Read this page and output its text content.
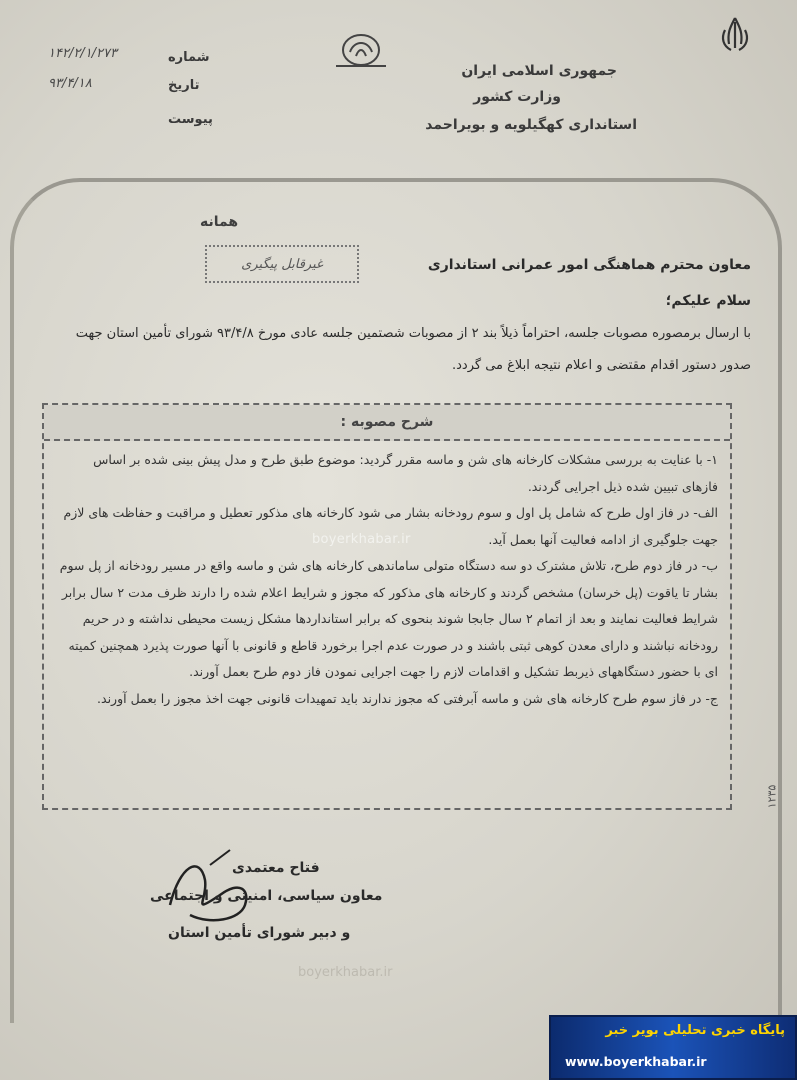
جمهوری اسلامی ایران
وزارت کشور
استانداری کهگیلویه و بویراحمد
شماره
۱۴۲/۲/۱/۲۷۳
تاریخ
۹۳/۴/۱۸
پیوست
همانه
غیرقابل پیگیری	معاون محترم هماهنگی امور عمرانی استانداری
سلام علیکم؛
با ارسال برمصوره مصوبات جلسه، احتراماً ذیلاً بند ۲ از مصوبات شصتمین جلسه عادی مورخ ۹۳/۴/۸ شورای تأمین استان جهت صدور دستور اقدام مقتضی و اعلام نتیجه ابلاغ می گردد.
شرح مصوبه :

۱- با عنایت به بررسی مشکلات کارخانه های شن و ماسه مقرر گردید: موضوع طبق طرح و مدل پیش بینی شده بر اساس فازهای تبیین شده ذیل اجرایی گردند.

الف- در فاز اول طرح که شامل پل اول و سوم رودخانه بشار می شود کارخانه های مذکور تعطیل و مراقبت و حفاظت های لازم جهت جلوگیری از ادامه فعالیت آنها بعمل آید.

ب- در فاز دوم طرح، تلاش مشترک دو سه دستگاه متولی ساماندهی کارخانه های شن و ماسه واقع در مسیر رودخانه از پل سوم بشار تا یاقوت (پل خرسان) مشخص گردند و کارخانه های مذکور که مجوز و شرایط اعلام شده را دارند ظرف مدت ۲ سال برابر شرایط فعالیت نمایند و بعد از اتمام ۲ سال جابجا شوند بنحوی که برابر استانداردها مشکل زیست محیطی نداشته و در حریم رودخانه نباشند و دارای معدن کوهی ثبتی باشند و در صورت عدم اجرا برخورد قاطع و قانونی با آنها صورت پذیرد همچنین کمیته ای با حضور دستگاههای ذیربط تشکیل و اقدامات لازم را جهت اجرایی نمودن فاز دوم طرح بعمل آورند.

ج- در فاز سوم طرح کارخانه های شن و ماسه آبرفتی که مجوز ندارند باید تمهیدات قانونی جهت اخذ مجوز را بعمل آورند.

boyerkhabar.ir
boyerkhabar.ir
۱۲۳۵
فتاح معتمدی
معاون سیاسی، امنیتی و اجتماعی
و دبیر شورای تأمین استان
پایگاه خبری تحلیلی بویر خبر
www.boyerkhabar.ir
